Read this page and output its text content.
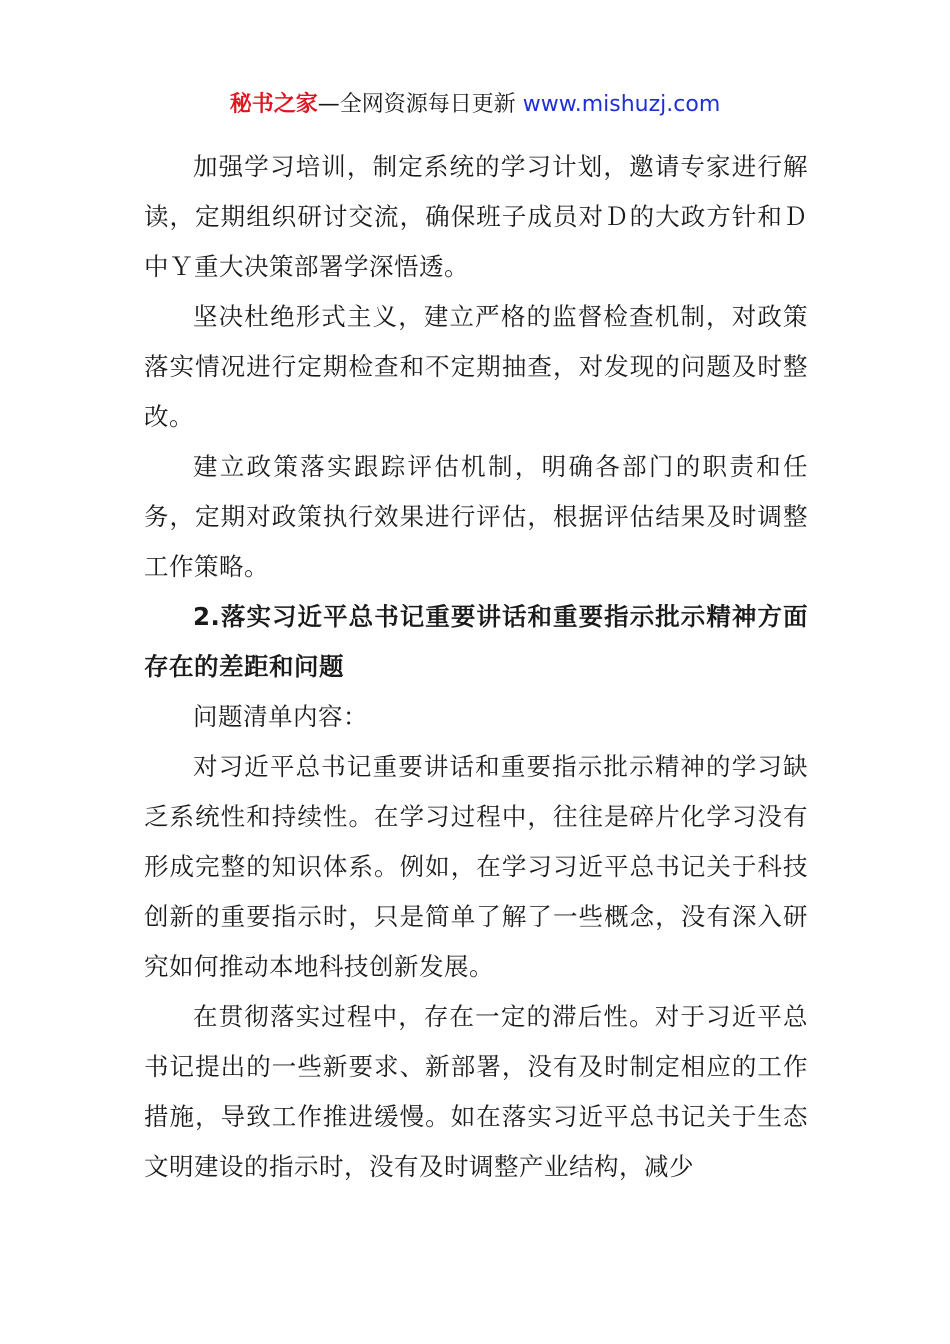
秘书之家—全网资源每日更新 www.mishuzj.com

加强学习培训，制定系统的学习计划，邀请专家进行解读，定期组织研讨交流，确保班子成员对Ｄ的大政方针和Ｄ中Ｙ重大决策部署学深悟透。

坚决杜绝形式主义，建立严格的监督检查机制，对政策落实情况进行定期检查和不定期抽查，对发现的问题及时整改。

建立政策落实跟踪评估机制，明确各部门的职责和任务，定期对政策执行效果进行评估，根据评估结果及时调整工作策略。

2.落实习近平总书记重要讲话和重要指示批示精神方面存在的差距和问题

问题清单内容：

对习近平总书记重要讲话和重要指示批示精神的学习缺乏系统性和持续性。在学习过程中，往往是碎片化学习没有形成完整的知识体系。例如，在学习习近平总书记关于科技创新的重要指示时，只是简单了解了一些概念，没有深入研究如何推动本地科技创新发展。

在贯彻落实过程中，存在一定的滞后性。对于习近平总书记提出的一些新要求、新部署，没有及时制定相应的工作措施，导致工作推进缓慢。如在落实习近平总书记关于生态文明建设的指示时，没有及时调整产业结构，减少
